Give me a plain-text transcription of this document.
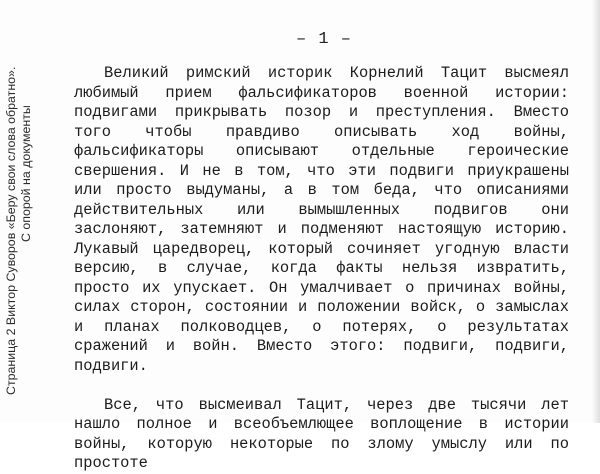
Страница 2 Виктор Суворов «Беру свои слова обратно». С опорой на документы
– 1 –

Великий римский историк Корнелий Тацит высмеял любимый прием фальсификаторов военной истории: подвигами прикрывать позор и преступления. Вместо того чтобы правдиво описывать ход войны, фальсификаторы описывают отдельные героические свершения. И не в том, что эти подвиги приукрашены или просто выдуманы, а в том беда, что описаниями действительных или вымышленных подвигов они заслоняют, затемняют и подменяют настоящую историю. Лукавый царедворец, который сочиняет угодную власти версию, в случае, когда факты нельзя извратить, просто их упускает. Он умалчивает о причинах войны, силах сторон, состоянии и положении войск, о замыслах и планах полководцев, о потерях, о результатах сражений и войн. Вместо этого: подвиги, подвиги, подвиги.

Все, что высмеивал Тацит, через две тысячи лет нашло полное и всеобъемлющее воплощение в истории войны, которую некоторые по злому умыслу или по простоте
